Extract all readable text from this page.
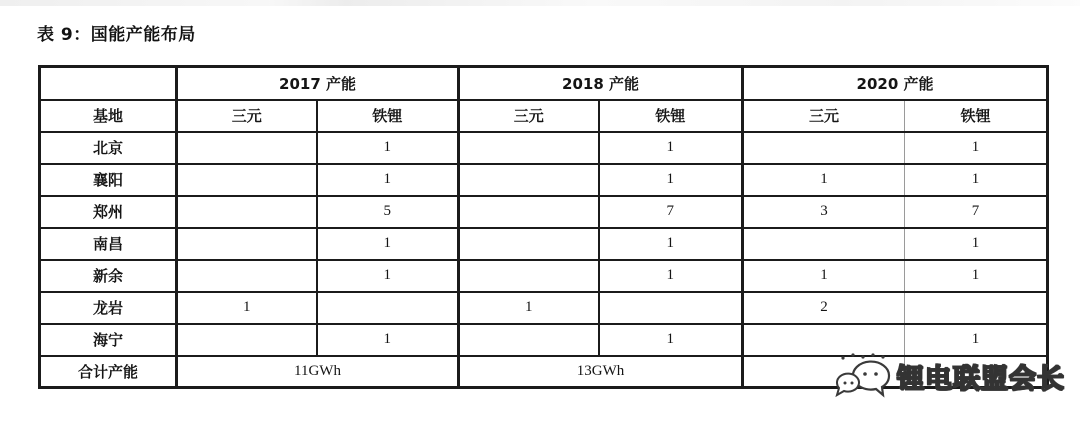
表 9：国能产能布局
	2017 产能		2018 产能		2020 产能	
基地	三元	铁锂	三元	铁锂	三元	铁锂
北京		1		1		1
襄阳		1		1	1	1
郑州		5		7	3	7
南昌		1		1		1
新余		1		1	1	1
龙岩	1		1		2	
海宁		1		1		1
合计产能	11GWh		13GWh				锂电联盟会长
